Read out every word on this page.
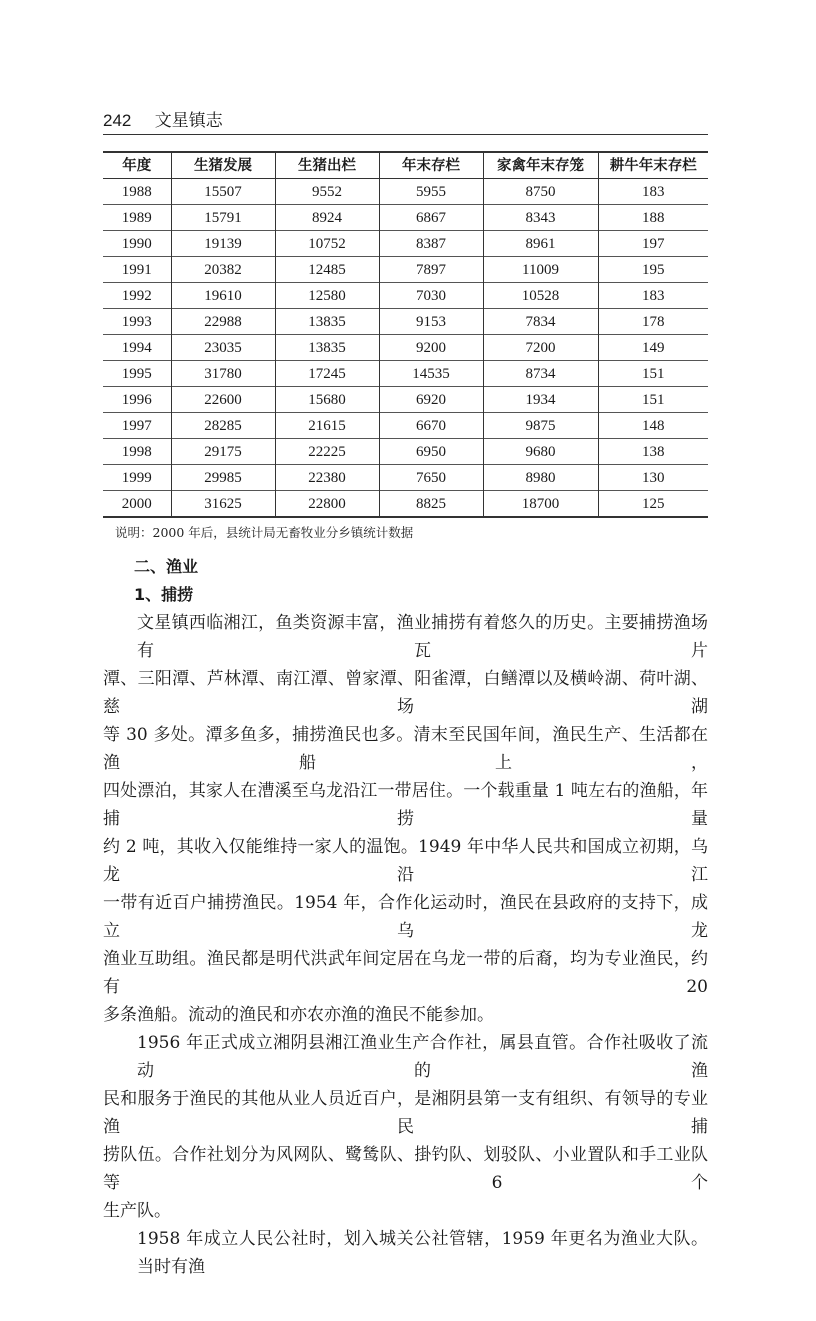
242 文星镇志
年度	生猪发展	生猪出栏	年末存栏	家禽年末存笼	耕牛年末存栏
1988	15507	9552	5955	8750	183
1989	15791	8924	6867	8343	188
1990	19139	10752	8387	8961	197
1991	20382	12485	7897	11009	195
1992	19610	12580	7030	10528	183
1993	22988	13835	9153	7834	178
1994	23035	13835	9200	7200	149
1995	31780	17245	14535	8734	151
1996	22600	15680	6920	1934	151
1997	28285	21615	6670	9875	148
1998	29175	22225	6950	9680	138
1999	29985	22380	7650	8980	130
2000	31625	22800	8825	18700	125
说明：2000 年后，县统计局无畜牧业分乡镇统计数据
二、渔业
1、捕捞
文星镇西临湘江，鱼类资源丰富，渔业捕捞有着悠久的历史。主要捕捞渔场有瓦片
潭、三阳潭、芦林潭、南江潭、曾家潭、阳雀潭，白鳝潭以及横岭湖、荷叶湖、慈场湖
等 30 多处。潭多鱼多，捕捞渔民也多。清末至民国年间，渔民生产、生活都在渔船上，
四处漂泊，其家人在漕溪至乌龙沿江一带居住。一个载重量 1 吨左右的渔船，年捕捞量
约 2 吨，其收入仅能维持一家人的温饱。1949 年中华人民共和国成立初期，乌龙沿江
一带有近百户捕捞渔民。1954 年，合作化运动时，渔民在县政府的支持下，成立乌龙
渔业互助组。渔民都是明代洪武年间定居在乌龙一带的后裔，均为专业渔民，约有 20
多条渔船。流动的渔民和亦农亦渔的渔民不能参加。
1956 年正式成立湘阴县湘江渔业生产合作社，属县直管。合作社吸收了流动的渔
民和服务于渔民的其他从业人员近百户，是湘阴县第一支有组织、有领导的专业渔民捕
捞队伍。合作社划分为风网队、鹭鸶队、掛钓队、划驳队、小业置队和手工业队等 6 个
生产队。
1958 年成立人民公社时，划入城关公社管辖，1959 年更名为渔业大队。当时有渔
